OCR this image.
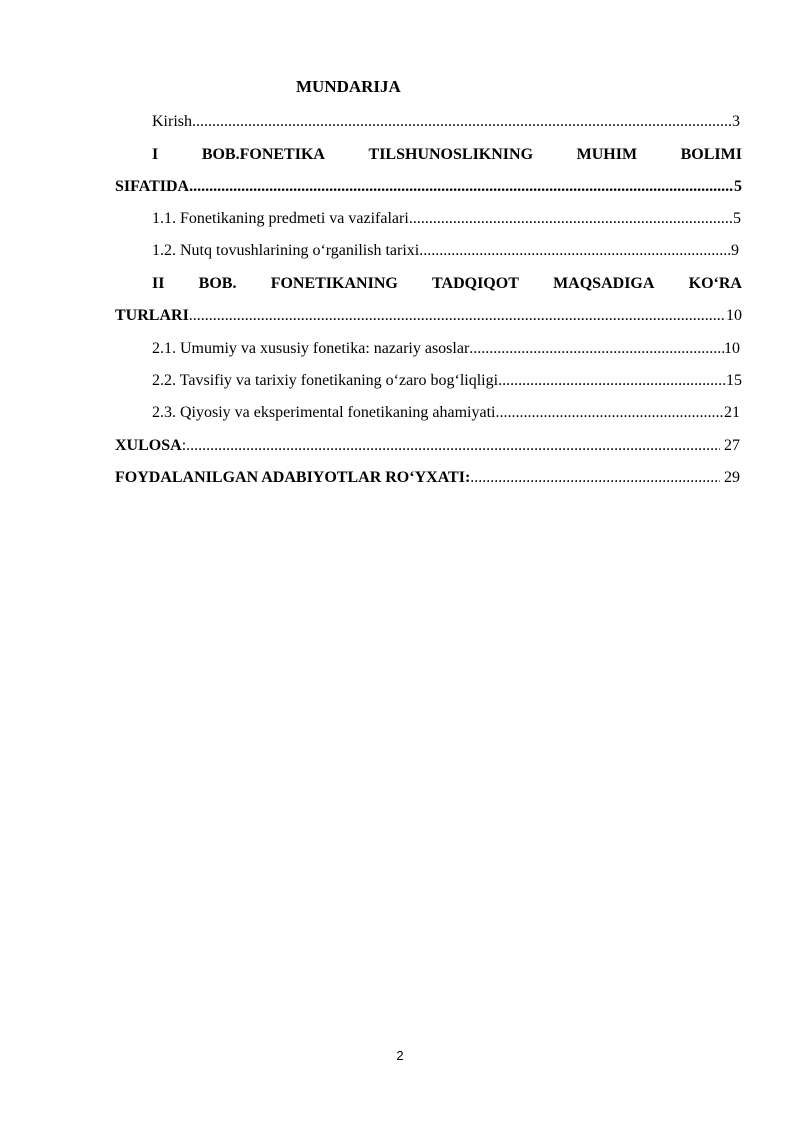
MUNDARIJA
Kirish .....	3
I	BOB.FONETIKA	TILSHUNOSLIKNING	MUHIM	BOLIMI
SIFATIDA .....	5
1.1. Fonetikaning predmeti va vazifalari .....	5
1.2. Nutq tovushlarining o‘rganilish tarixi .....	9
II BOB. FONETIKANING TADQIQOT MAQSADIGA KO‘RA
TURLARI .....	10
2.1. Umumiy va xususiy fonetika: nazariy asoslar .....	10
2.2. Tavsifiy va tarixiy fonetikaning o‘zaro bog‘liqligi .....	15
2.3. Qiyosiy va eksperimental fonetikaning ahamiyati .....	21
XULOSA : .....	27
FOYDALANILGAN ADABIYOTLAR RO‘YXATI: .....	29
2
